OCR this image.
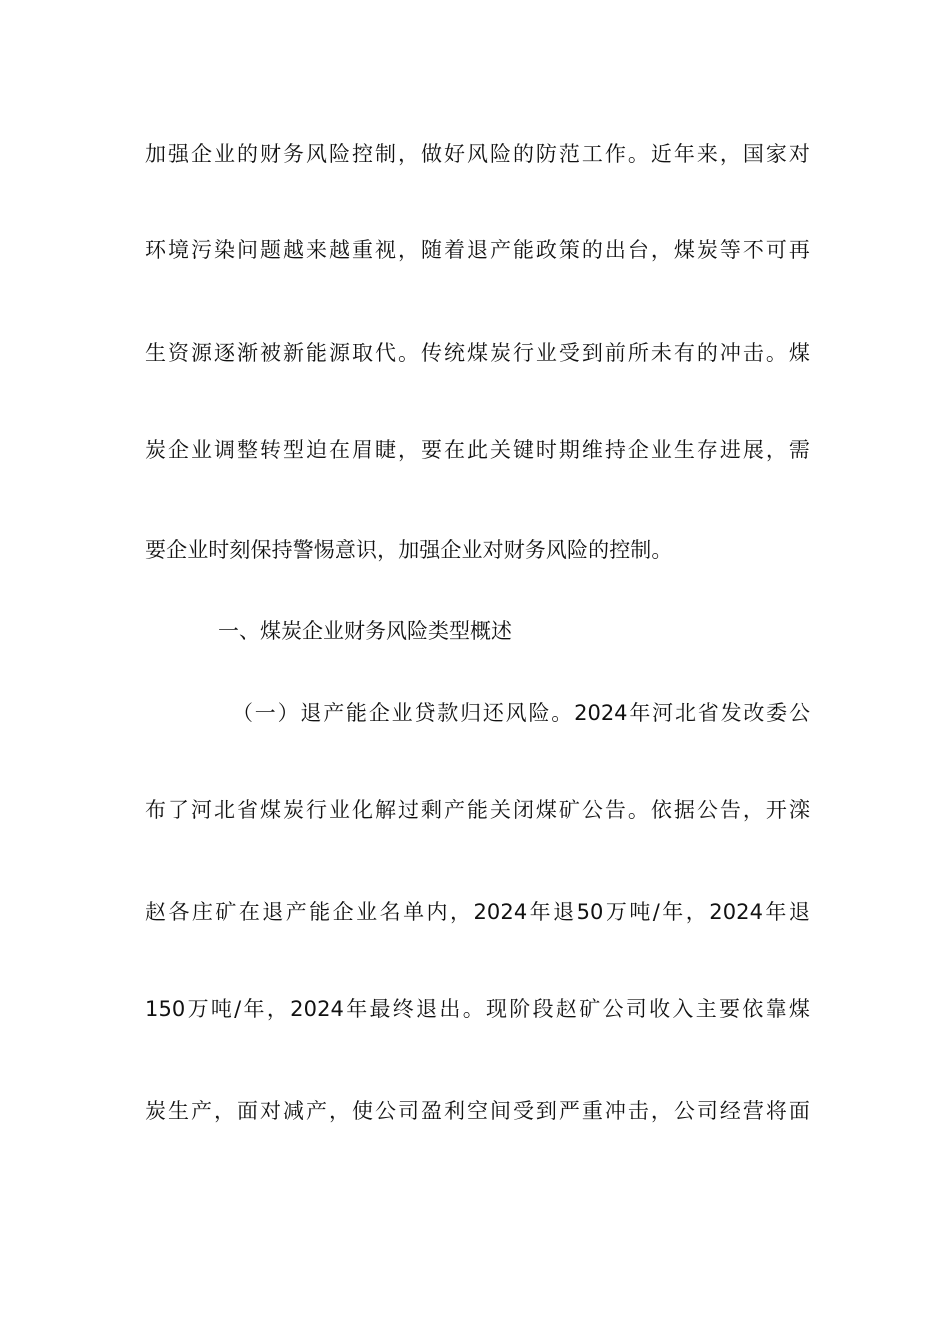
加强企业的财务风险控制，做好风险的防范工作。近年来，国家对
环境污染问题越来越重视，随着退产能政策的出台，煤炭等不可再
生资源逐渐被新能源取代。传统煤炭行业受到前所未有的冲击。煤
炭企业调整转型迫在眉睫，要在此关键时期维持企业生存进展，需
要企业时刻保持警惕意识，加强企业对财务风险的控制。
一、煤炭企业财务风险类型概述
（一）退产能企业贷款归还风险。2024年河北省发改委公
布了河北省煤炭行业化解过剩产能关闭煤矿公告。依据公告，开滦
赵各庄矿在退产能企业名单内，2024年退50万吨/年，2024年退
150万吨/年，2024年最终退出。现阶段赵矿公司收入主要依靠煤
炭生产，面对减产，使公司盈利空间受到严重冲击，公司经营将面
